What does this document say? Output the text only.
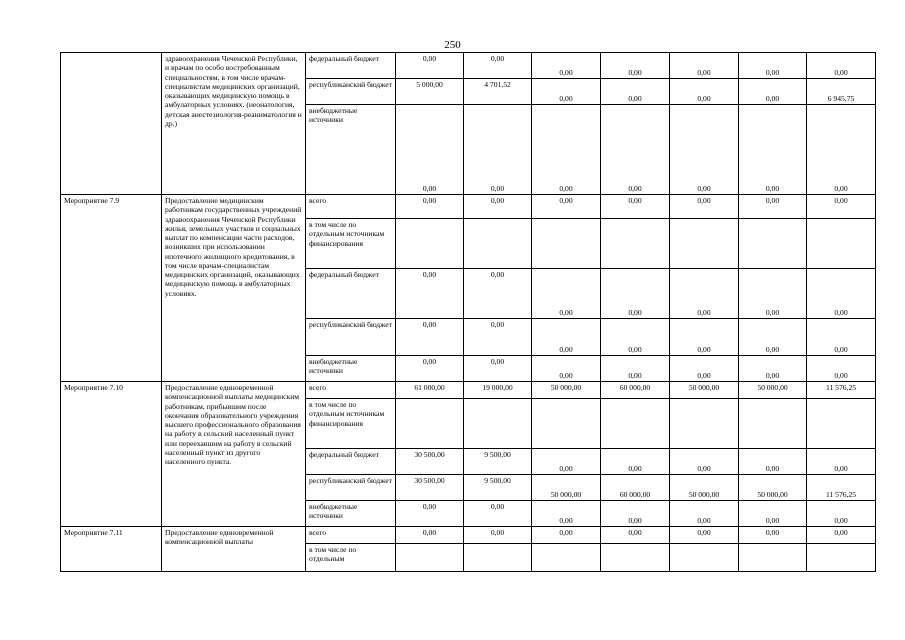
250
	здравоохранения Чеченской Республики, и врачам по особо востребованным специальностям, в том числе врачам-специалистам медицинских организаций, оказывающих медицинскую помощь в амбулаторных условиях. (неонатология, детская анестезиология-реаниматология и др.)	федеральный бюджет	0,00	0,00	0,00	0,00	0,00	0,00	0,00
		республиканский бюджет	5 000,00	4 701,52	0,00	0,00	0,00	0,00	6 945,75
		внебюджетные источники	0,00	0,00	0,00	0,00	0,00	0,00	0,00
Мероприятие 7.9	Предоставление медицинским работникам государственных учреждений здравоохранения Чеченской Республики жилья, земельных участков и социальных выплат по компенсации части расходов, возникших при использовании ипотечного жилищного кредитования, в том числе врачам-специалистам медицинских организаций, оказывающих медицинскую помощь в амбулаторных условиях.	всего	0,00	0,00	0,00	0,00	0,00	0,00	0,00
		в том числе по отдельным источникам финансирования							
		федеральный бюджет	0,00	0,00	0,00	0,00	0,00	0,00	0,00
		республиканский бюджет	0,00	0,00	0,00	0,00	0,00	0,00	0,00
		внебюджетные источники	0,00	0,00	0,00	0,00	0,00	0,00	0,00
Мероприятие 7.10	Предоставление единовременной компенсационной выплаты медицинским работникам, прибывшим после окончания образовательного учреждения высшего профессионального образования на работу в сельский населенный пункт или переехавшим на работу в сельский населенный пункт из другого населенного пункта.	всего	61 000,00	19 000,00	50 000,00	60 000,00	50 000,00	50 000,00	11 576,25
		в том числе по отдельным источникам финансирования							
		федеральный бюджет	30 500,00	9 500,00	0,00	0,00	0,00	0,00	0,00
		республиканский бюджет	30 500,00	9 500,00	50 000,00	60 000,00	50 000,00	50 000,00	11 576,25
		внебюджетные источники	0,00	0,00	0,00	0,00	0,00	0,00	0,00
Мероприятие 7.11	Предоставление единовременной компенсационной выплаты	всего	0,00	0,00	0,00	0,00	0,00	0,00	0,00
		в том числе по отдельным							
